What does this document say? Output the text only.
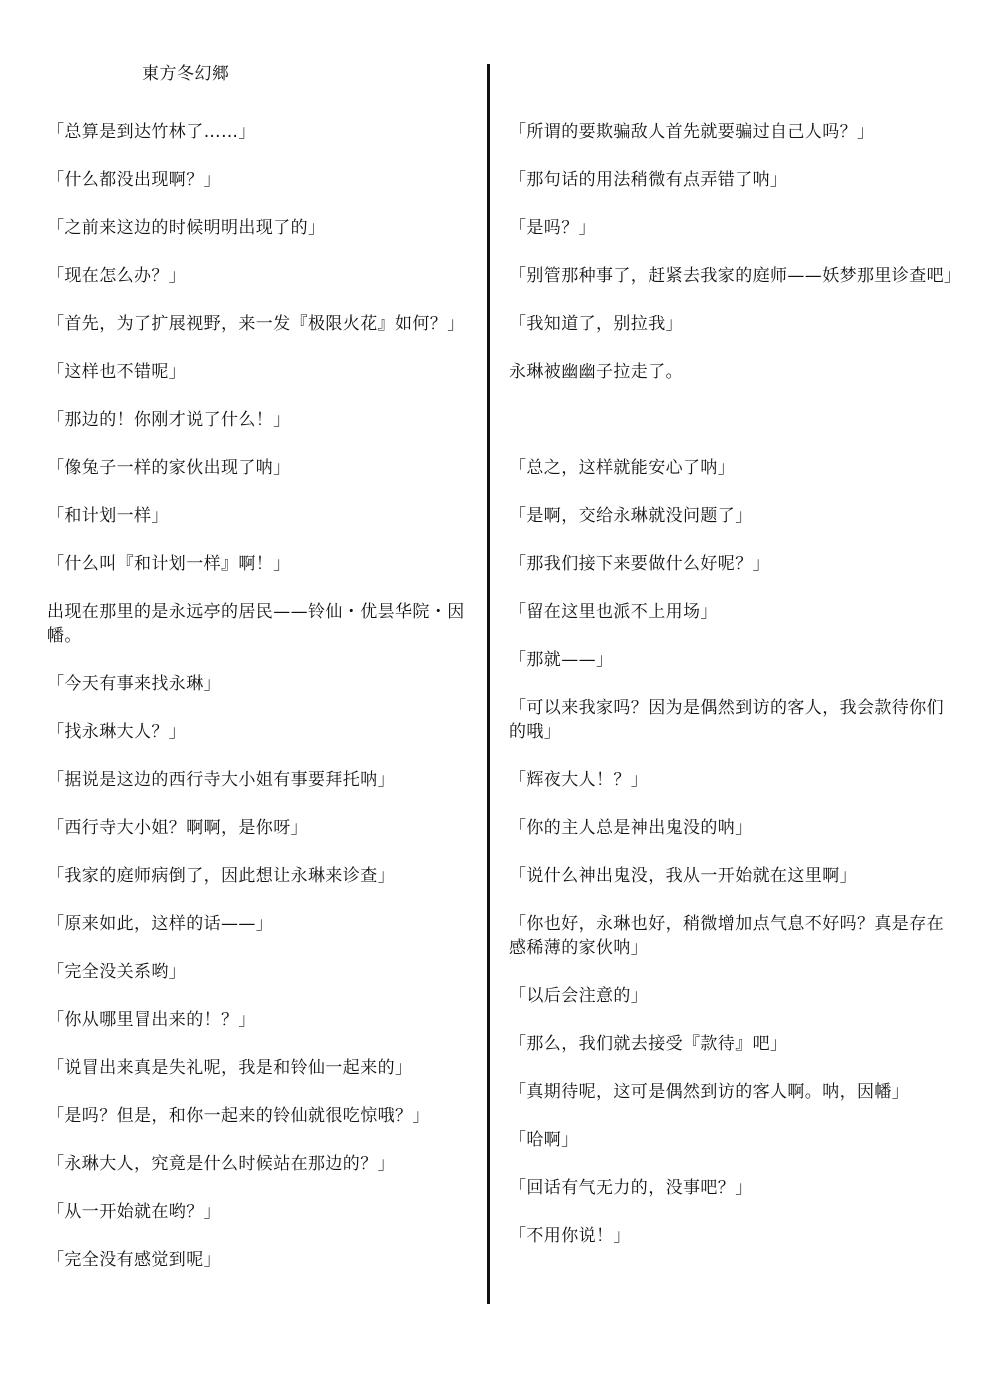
東方冬幻郷
「总算是到达竹林了……」
「什么都没出现啊？」
「之前来这边的时候明明出现了的」
「现在怎么办？」
「首先，为了扩展视野，来一发『极限火花』如何？」
「这样也不错呢」
「那边的！你刚才说了什么！」
「像兔子一样的家伙出现了呐」
「和计划一样」
「什么叫『和计划一样』啊！」
出现在那里的是永远亭的居民——铃仙・优昙华院・因幡。
「今天有事来找永琳」
「找永琳大人？」
「据说是这边的西行寺大小姐有事要拜托呐」
「西行寺大小姐？啊啊，是你呀」
「我家的庭师病倒了，因此想让永琳来诊查」
「原来如此，这样的话——」
「完全没关系哟」
「你从哪里冒出来的！？」
「说冒出来真是失礼呢，我是和铃仙一起来的」
「是吗？但是，和你一起来的铃仙就很吃惊哦？」
「永琳大人，究竟是什么时候站在那边的？」
「从一开始就在哟？」
「完全没有感觉到呢」
「所谓的要欺骗敌人首先就要骗过自己人吗？」
「那句话的用法稍微有点弄错了呐」
「是吗？」
「别管那种事了，赶紧去我家的庭师——妖梦那里诊查吧」
「我知道了，别拉我」
永琳被幽幽子拉走了。
「总之，这样就能安心了呐」
「是啊，交给永琳就没问题了」
「那我们接下来要做什么好呢？」
「留在这里也派不上用场」
「那就——」
「可以来我家吗？因为是偶然到访的客人，我会款待你们的哦」
「辉夜大人！？」
「你的主人总是神出鬼没的呐」
「说什么神出鬼没，我从一开始就在这里啊」
「你也好，永琳也好，稍微增加点气息不好吗？真是存在感稀薄的家伙呐」
「以后会注意的」
「那么，我们就去接受『款待』吧」
「真期待呢，这可是偶然到访的客人啊。呐，因幡」
「哈啊」
「回话有气无力的，没事吧？」
「不用你说！」
